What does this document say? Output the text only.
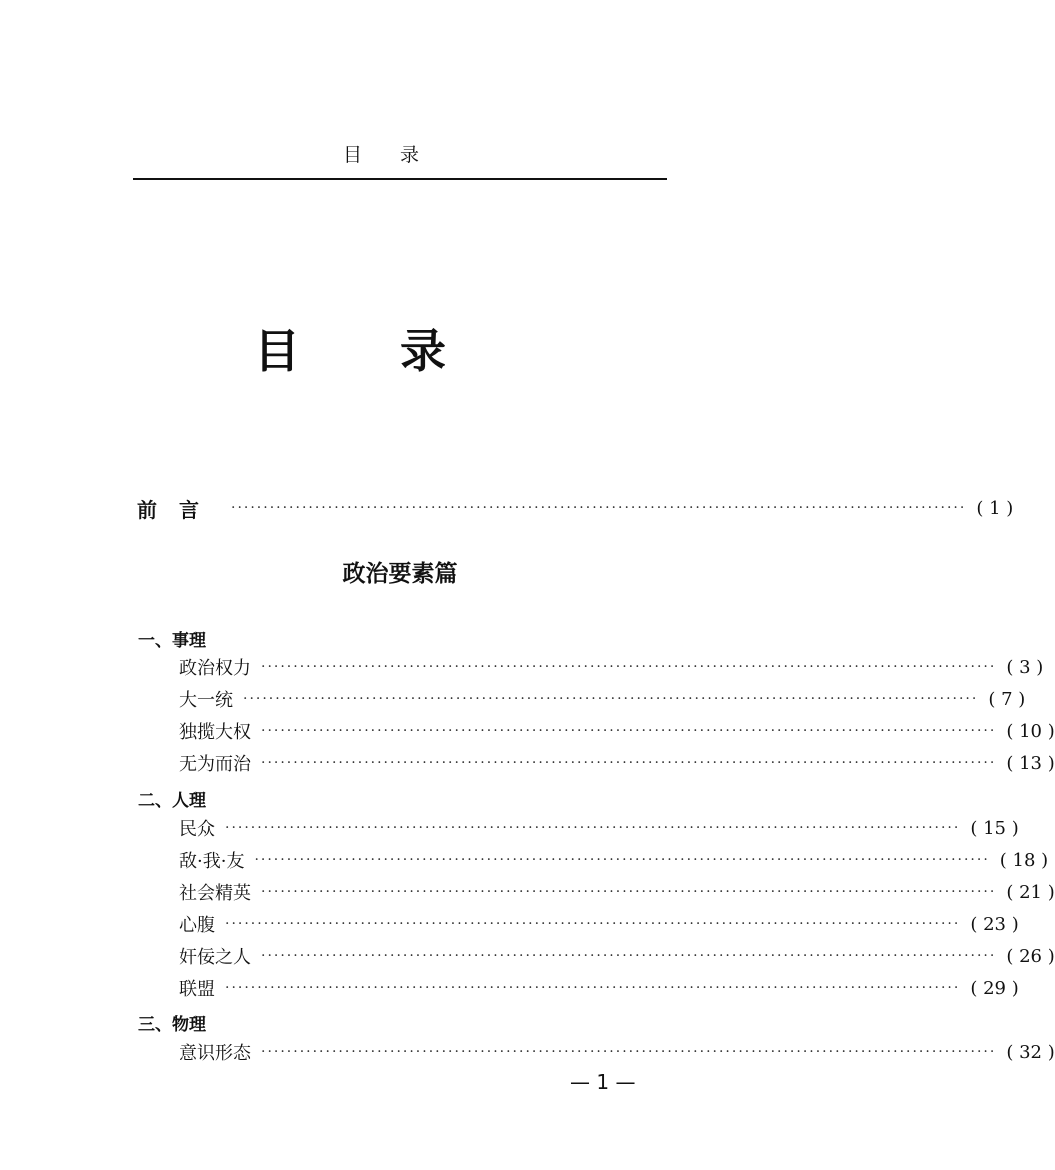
目录
目录
前言 ·················································································································· ( 1 )
政治要素篇
一、事理
政治权力 ·················································································································· ( 3 )
大一统 ·················································································································· ( 7 )
独揽大权 ·················································································································· ( 10 )
无为而治 ·················································································································· ( 13 )
二、人理
民众 ·················································································································· ( 15 )
敌·我·友 ·················································································································· ( 18 )
社会精英 ·················································································································· ( 21 )
心腹 ·················································································································· ( 23 )
奸佞之人 ·················································································································· ( 26 )
联盟 ·················································································································· ( 29 )
三、物理
意识形态 ·················································································································· ( 32 )
— 1 —
